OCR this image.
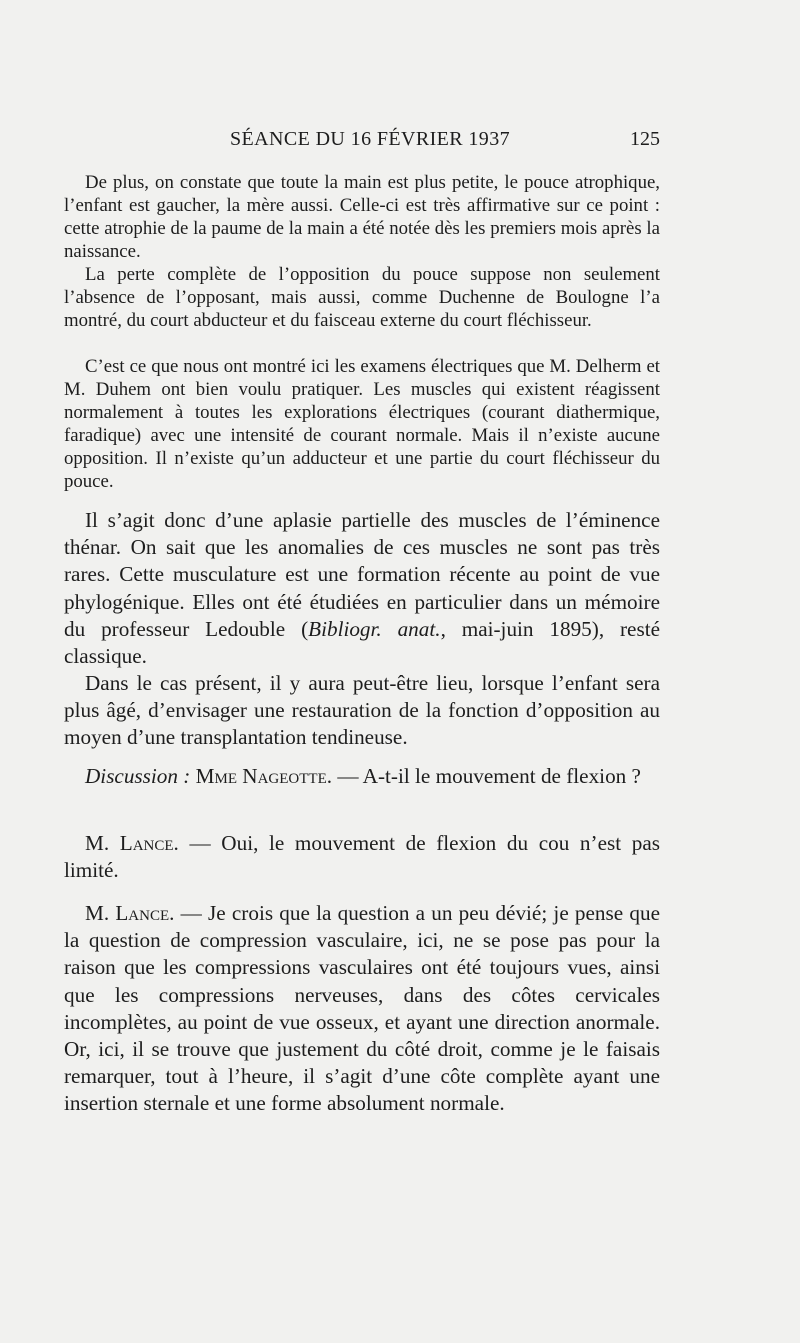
SÉANCE DU 16 FÉVRIER 1937	125

De plus, on constate que toute la main est plus petite, le pouce atrophique, l’enfant est gaucher, la mère aussi. Celle-ci est très affirmative sur ce point : cette atrophie de la paume de la main a été notée dès les premiers mois après la naissance.

La perte complète de l’opposition du pouce suppose non seulement l’absence de l’opposant, mais aussi, comme Duchenne de Boulogne l’a montré, du court abducteur et du faisceau externe du court fléchisseur.

C’est ce que nous ont montré ici les examens électriques que M. Delherm et M. Duhem ont bien voulu pratiquer. Les muscles qui existent réagissent normalement à toutes les explorations électriques (courant diathermique, faradique) avec une intensité de courant normale. Mais il n’existe aucune opposition. Il n’existe qu’un adducteur et une partie du court fléchisseur du pouce.

Il s’agit donc d’une aplasie partielle des muscles de l’éminence thénar. On sait que les anomalies de ces muscles ne sont pas très rares. Cette musculature est une formation récente au point de vue phylogénique. Elles ont été étudiées en particulier dans un mémoire du professeur Ledouble (Bibliogr. anat., mai-juin 1895), resté classique.

Dans le cas présent, il y aura peut-être lieu, lorsque l’enfant sera plus âgé, d’envisager une restauration de la fonction d’opposition au moyen d’une transplantation tendineuse.

Discussion : Mme Nageotte. — A-t-il le mouvement de flexion ?

M. Lance. — Oui, le mouvement de flexion du cou n’est pas limité.

M. Lance. — Je crois que la question a un peu dévié; je pense que la question de compression vasculaire, ici, ne se pose pas pour la raison que les compressions vasculaires ont été toujours vues, ainsi que les compressions nerveuses, dans des côtes cervicales incomplètes, au point de vue osseux, et ayant une direction anormale. Or, ici, il se trouve que justement du côté droit, comme je le faisais remarquer, tout à l’heure, il s’agit d’une côte complète ayant une insertion sternale et une forme absolument normale.
